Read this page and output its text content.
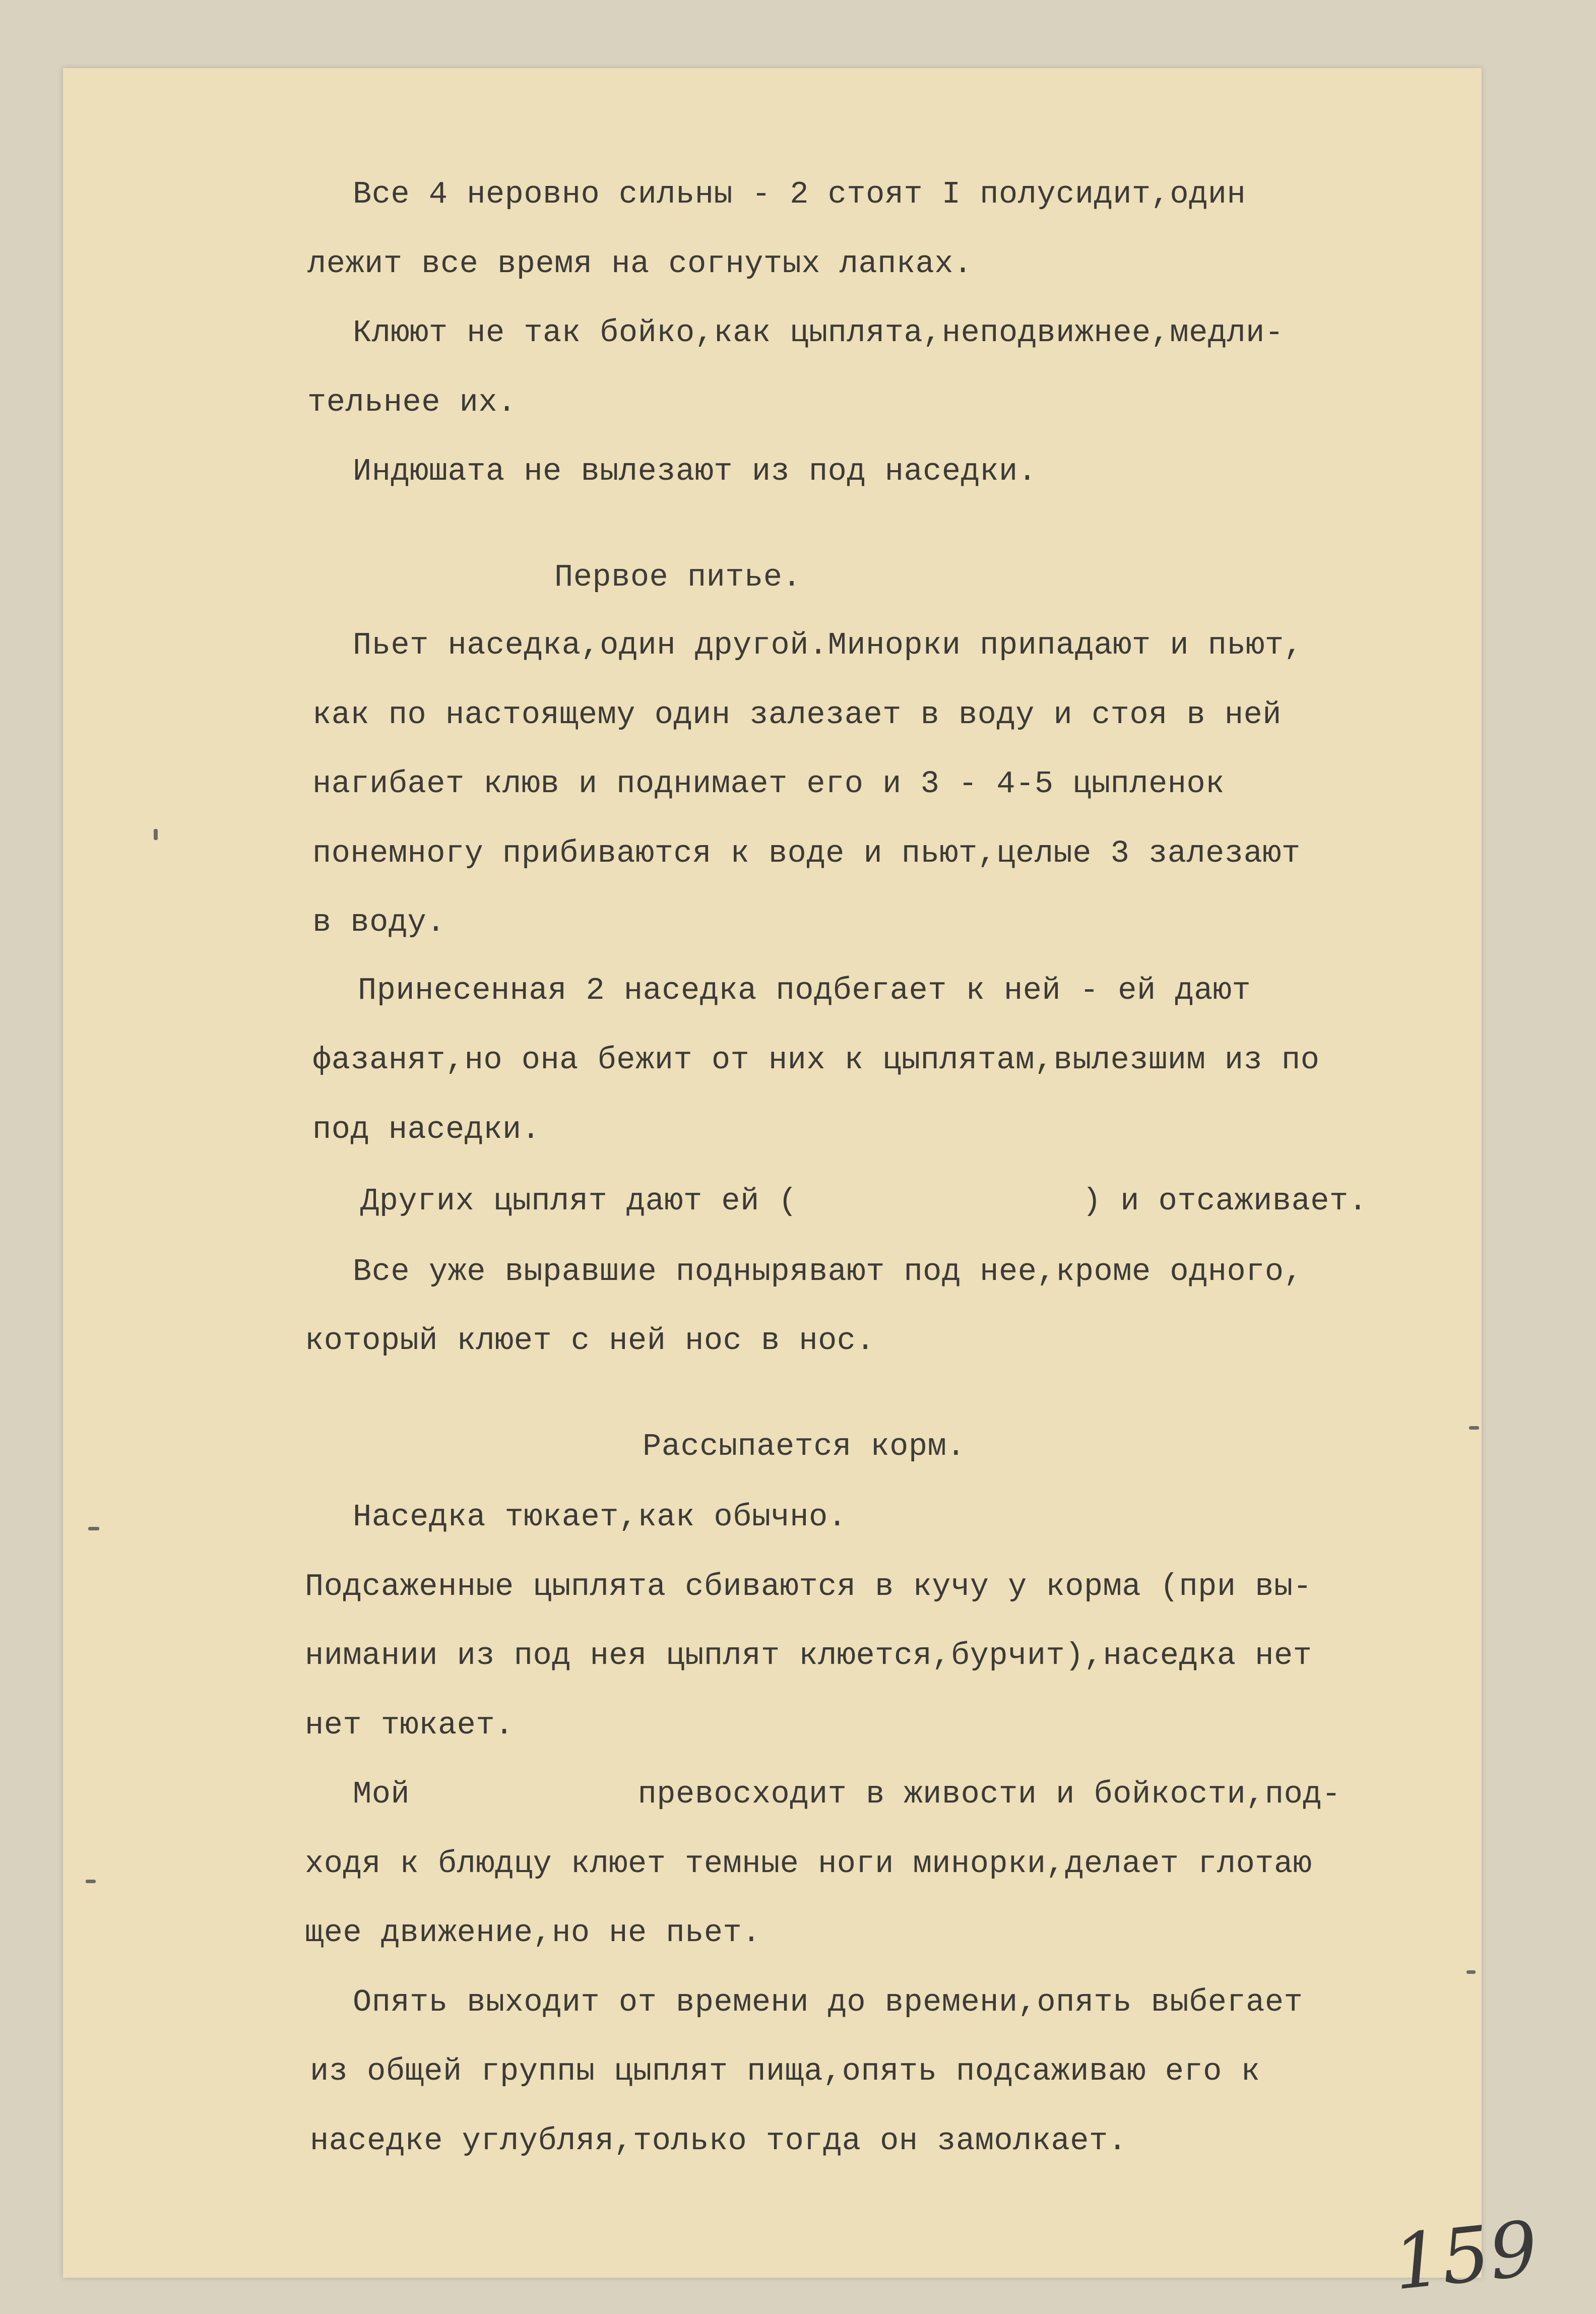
Все 4 неровно сильны - 2 стоят I полусидит,один
лежит все время на согнутых лапках.
Клюют не так бойко,как цыплята,неподвижнее,медли-
тельнее их.
Индюшата не вылезают из под наседки.
Первое питье.
Пьет наседка,один другой.Минорки припадают и пьют,
как по настоящему один залезает в воду и стоя в ней
нагибает клюв и поднимает его и 3 - 4-5 цыпленок
понемногу прибиваются к воде и пьют,целые 3 залезают
в воду.
Принесенная 2 наседка подбегает к ней - ей дают
фазанят,но она бежит от них к цыплятам,вылезшим из по
под наседки.
Других цыплят дают ей (               ) и отсаживает.
Все уже выравшие поднырявают под нее,кроме одного,
который клюет с ней нос в нос.
Рассыпается корм.
Наседка тюкает,как обычно.
Подсаженные цыплята сбиваются в кучу у корма (при вы-
нимании из под нея цыплят клюется,бурчит),наседка нет
нет тюкает.
Мой            превосходит в живости и бойкости,под-
ходя к блюдцу клюет темные ноги минорки,делает глотаю
щее движение,но не пьет.
Опять выходит от времени до времени,опять выбегает
из общей группы цыплят пища,опять подсаживаю его к
наседке углубляя,только тогда он замолкает.
159
